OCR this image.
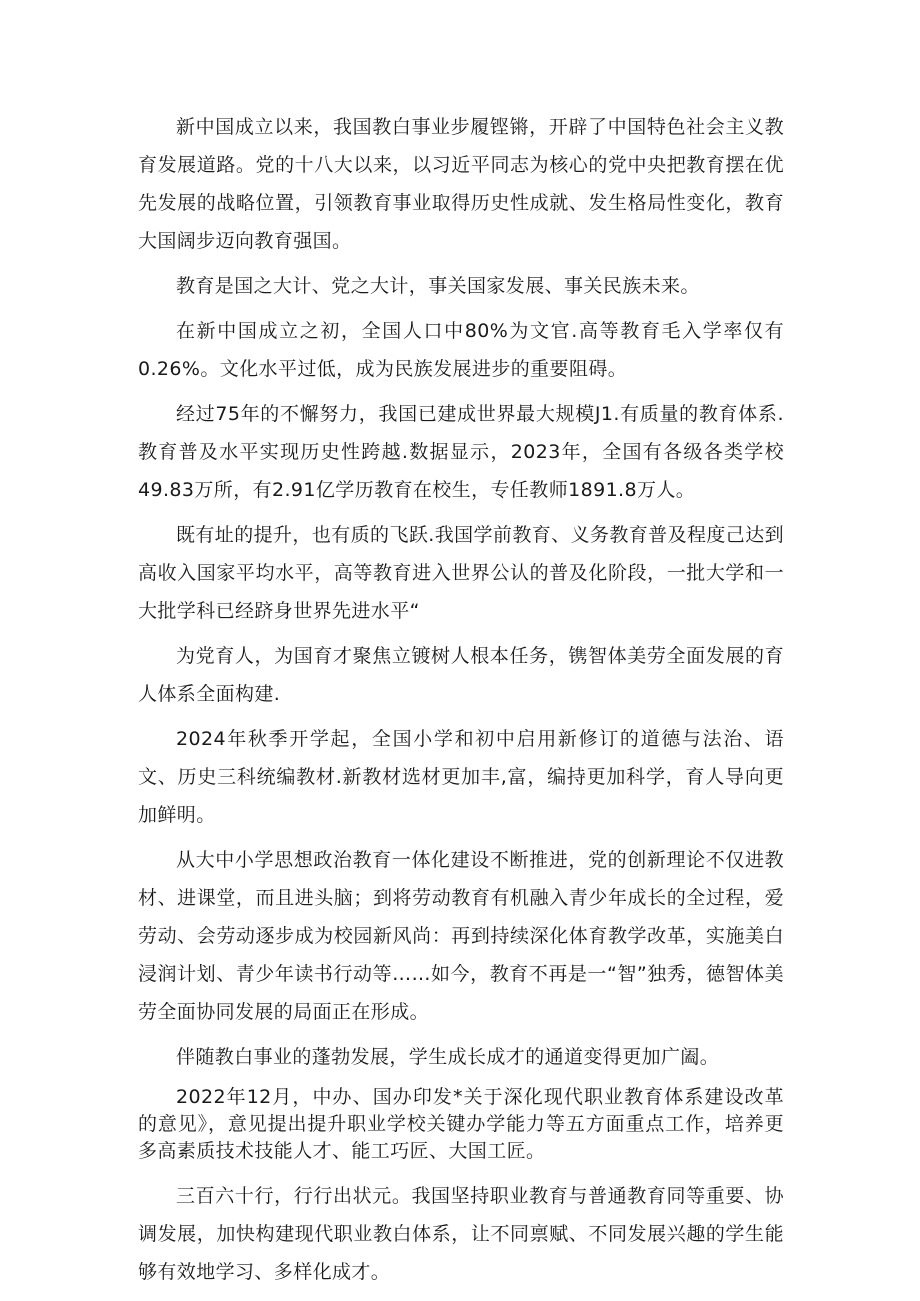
新中国成立以来，我国教白事业步履铿锵，开辟了中国特色社会主义教育发展道路。党的十八大以来，以习近平同志为核心的党中央把教育摆在优先发展的战略位置，引领教育事业取得历史性成就、发生格局性变化，教育大国阔步迈向教育强国。

教育是国之大计、党之大计，事关国家发展、事关民族未来。

在新中国成立之初，全国人口中80%为文官.高等教育毛入学率仅有0.26%。文化水平过低，成为民族发展进步的重要阻碍。

经过75年的不懈努力，我国已建成世界最大规模J1.有质量的教育体系.教育普及水平实现历史性跨越.数据显示，2023年，全国有各级各类学校49.83万所，有2.91亿学历教育在校生，专任教师1891.8万人。

既有址的提升，也有质的飞跃.我国学前教育、义务教育普及程度己达到高收入国家平均水平，高等教育进入世界公认的普及化阶段，一批大学和一大批学科已经跻身世界先进水平“

为党育人，为国育才聚焦立镀树人根本任务，镌智体美劳全面发展的育人体系全面构建.

2024年秋季开学起，全国小学和初中启用新修订的道德与法治、语文、历史三科统编教材.新教材选材更加丰,富，编持更加科学，育人导向更加鲜明。

从大中小学思想政治教育一体化建设不断推进，党的创新理论不仅进教材、进课堂，而且进头脑；到将劳动教育有机融入青少年成长的全过程，爱劳动、会劳动逐步成为校园新风尚：再到持续深化体育教学改革，实施美白浸润计划、青少年读书行动等……如今，教育不再是一“智”独秀，德智体美劳全面协同发展的局面正在形成。

伴随教白事业的蓬勃发展，学生成长成才的通道变得更加广阖。

2022年12月，中办、国办印发*关于深化现代职业教育体系建设改革的意见》，意见提出提升职业学校关键办学能力等五方面重点工作，培养更多高素质技术技能人才、能工巧匠、大国工匠。

三百六十行，行行出状元。我国坚持职业教育与普通教育同等重要、协调发展，加快构建现代职业教白体系，让不同禀赋、不同发展兴趣的学生能够有效地学习、多样化成才。
